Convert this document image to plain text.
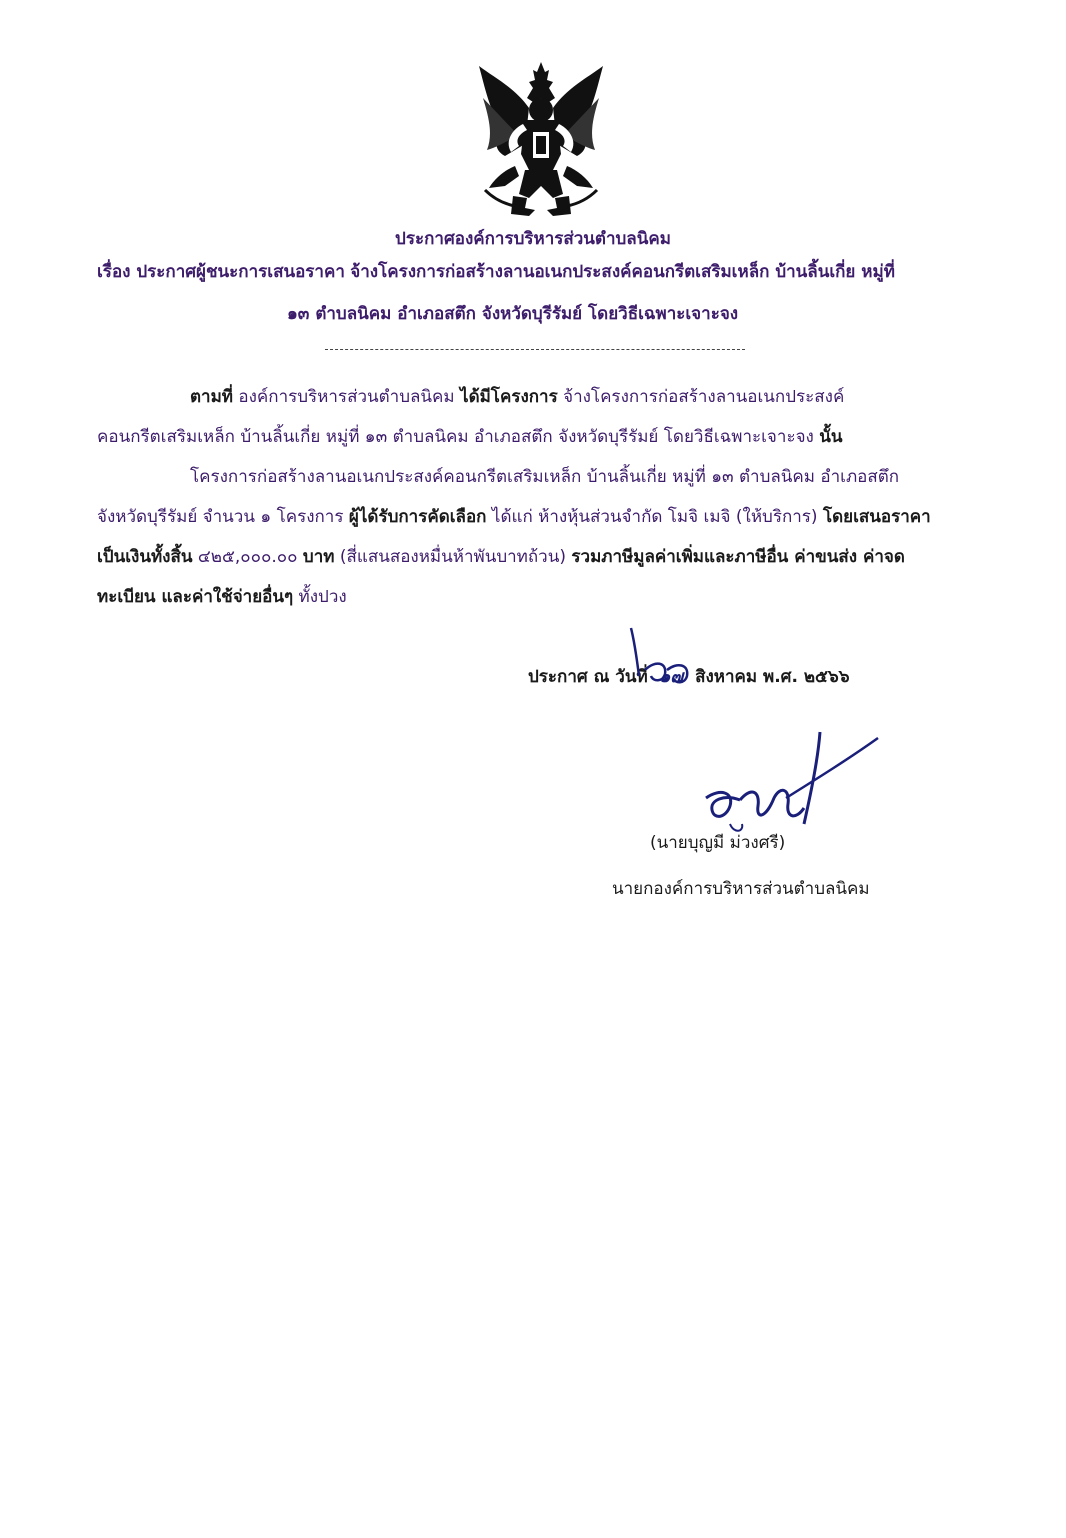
ประกาศองค์การบริหารส่วนตำบลนิคม
เรื่อง ประกาศผู้ชนะการเสนอราคา จ้างโครงการก่อสร้างลานอเนกประสงค์คอนกรีตเสริมเหล็ก บ้านลิ้นเกี่ย หมู่ที่
๑๓ ตำบลนิคม อำเภอสตึก จังหวัดบุรีรัมย์ โดยวิธีเฉพาะเจาะจง
ตามที่ องค์การบริหารส่วนตำบลนิคม ได้มีโครงการ จ้างโครงการก่อสร้างลานอเนกประสงค์
คอนกรีตเสริมเหล็ก บ้านลิ้นเกี่ย หมู่ที่ ๑๓ ตำบลนิคม อำเภอสตึก จังหวัดบุรีรัมย์ โดยวิธีเฉพาะเจาะจง นั้น
โครงการก่อสร้างลานอเนกประสงค์คอนกรีตเสริมเหล็ก บ้านลิ้นเกี่ย หมู่ที่ ๑๓ ตำบลนิคม อำเภอสตึก
จังหวัดบุรีรัมย์ จำนวน ๑ โครงการ ผู้ได้รับการคัดเลือก ได้แก่ ห้างหุ้นส่วนจำกัด โมจิ เมจิ (ให้บริการ) โดยเสนอราคา
เป็นเงินทั้งสิ้น ๔๒๕,๐๐๐.๐๐ บาท (สี่แสนสองหมื่นห้าพันบาทถ้วน) รวมภาษีมูลค่าเพิ่มและภาษีอื่น ค่าขนส่ง ค่าจด
ทะเบียน และค่าใช้จ่ายอื่นๆ ทั้งปวง
ประกาศ ณ วันที่ ๑๗ สิงหาคม พ.ศ. ๒๕๖๖
(นายบุญมี ม่วงศรี)
นายกองค์การบริหารส่วนตำบลนิคม
